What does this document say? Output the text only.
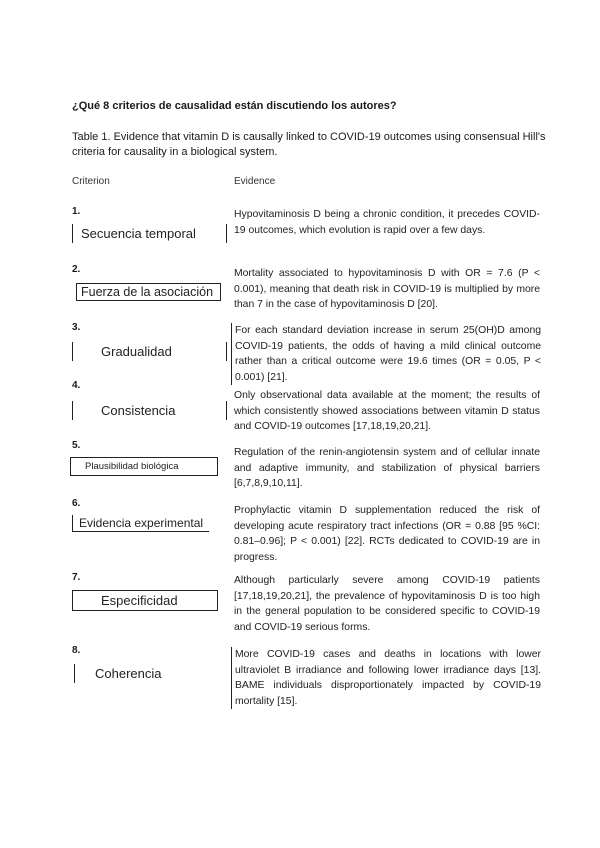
¿Qué 8 criterios de causalidad están discutiendo los autores?
Table 1. Evidence that vitamin D is causally linked to COVID-19 outcomes using consensual Hill's criteria for causality in a biological system.
Criterion	Evidence
1.
Secuencia temporal
Hypovitaminosis D being a chronic condition, it precedes COVID-19 outcomes, which evolution is rapid over a few days.
2.
Fuerza de la asociación
Mortality associated to hypovitaminosis D with OR = 7.6 (P < 0.001), meaning that death risk in COVID-19 is multiplied by more than 7 in the case of hypovitaminosis D [20].
3.
Gradualidad
For each standard deviation increase in serum 25(OH)D among COVID-19 patients, the odds of having a mild clinical outcome rather than a critical outcome were 19.6 times (OR = 0.05, P < 0.001) [21].
4.
Consistencia
Only observational data available at the moment; the results of which consistently showed associations between vitamin D status and COVID-19 outcomes [17,18,19,20,21].
5.
Plausibilidad biológica
Regulation of the renin-angiotensin system and of cellular innate and adaptive immunity, and stabilization of physical barriers [6,7,8,9,10,11].
6.
Evidencia experimental
Prophylactic vitamin D supplementation reduced the risk of developing acute respiratory tract infections (OR = 0.88 [95 %CI: 0.81–0.96]; P < 0.001) [22]. RCTs dedicated to COVID-19 are in progress.
7.
Especificidad
Although particularly severe among COVID-19 patients [17,18,19,20,21], the prevalence of hypovitaminosis D is too high in the general population to be considered specific to COVID-19 and COVID-19 serious forms.
8.
Coherencia
More COVID-19 cases and deaths in locations with lower ultraviolet B irradiance and following lower irradiance days [13]. BAME individuals disproportionately impacted by COVID-19 mortality [15].
